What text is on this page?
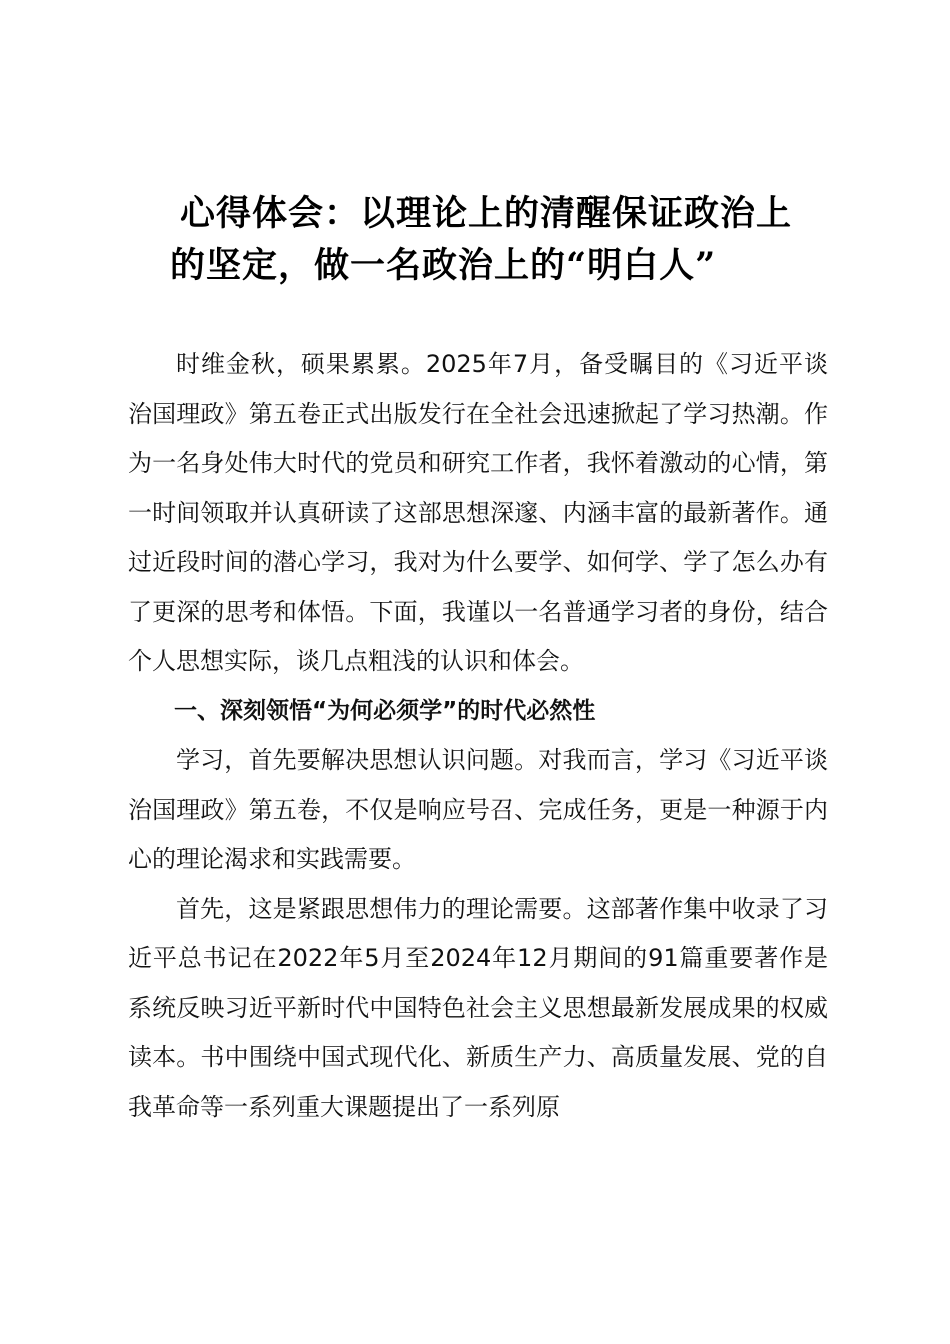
心得体会：以理论上的清醒保证政治上
的坚定，做一名政治上的“明白人”

时维金秋，硕果累累。2025年7月，备受瞩目的《习近平谈治国理政》第五卷正式出版发行在全社会迅速掀起了学习热潮。作为一名身处伟大时代的党员和研究工作者，我怀着激动的心情，第一时间领取并认真研读了这部思想深邃、内涵丰富的最新著作。通过近段时间的潜心学习，我对为什么要学、如何学、学了怎么办有了更深的思考和体悟。下面，我谨以一名普通学习者的身份，结合个人思想实际，谈几点粗浅的认识和体会。

一、深刻领悟“为何必须学”的时代必然性

学习，首先要解决思想认识问题。对我而言，学习《习近平谈治国理政》第五卷，不仅是响应号召、完成任务，更是一种源于内心的理论渴求和实践需要。

首先，这是紧跟思想伟力的理论需要。这部著作集中收录了习近平总书记在2022年5月至2024年12月期间的91篇重要著作是系统反映习近平新时代中国特色社会主义思想最新发展成果的权威读本。书中围绕中国式现代化、新质生产力、高质量发展、党的自我革命等一系列重大课题提出了一系列原
